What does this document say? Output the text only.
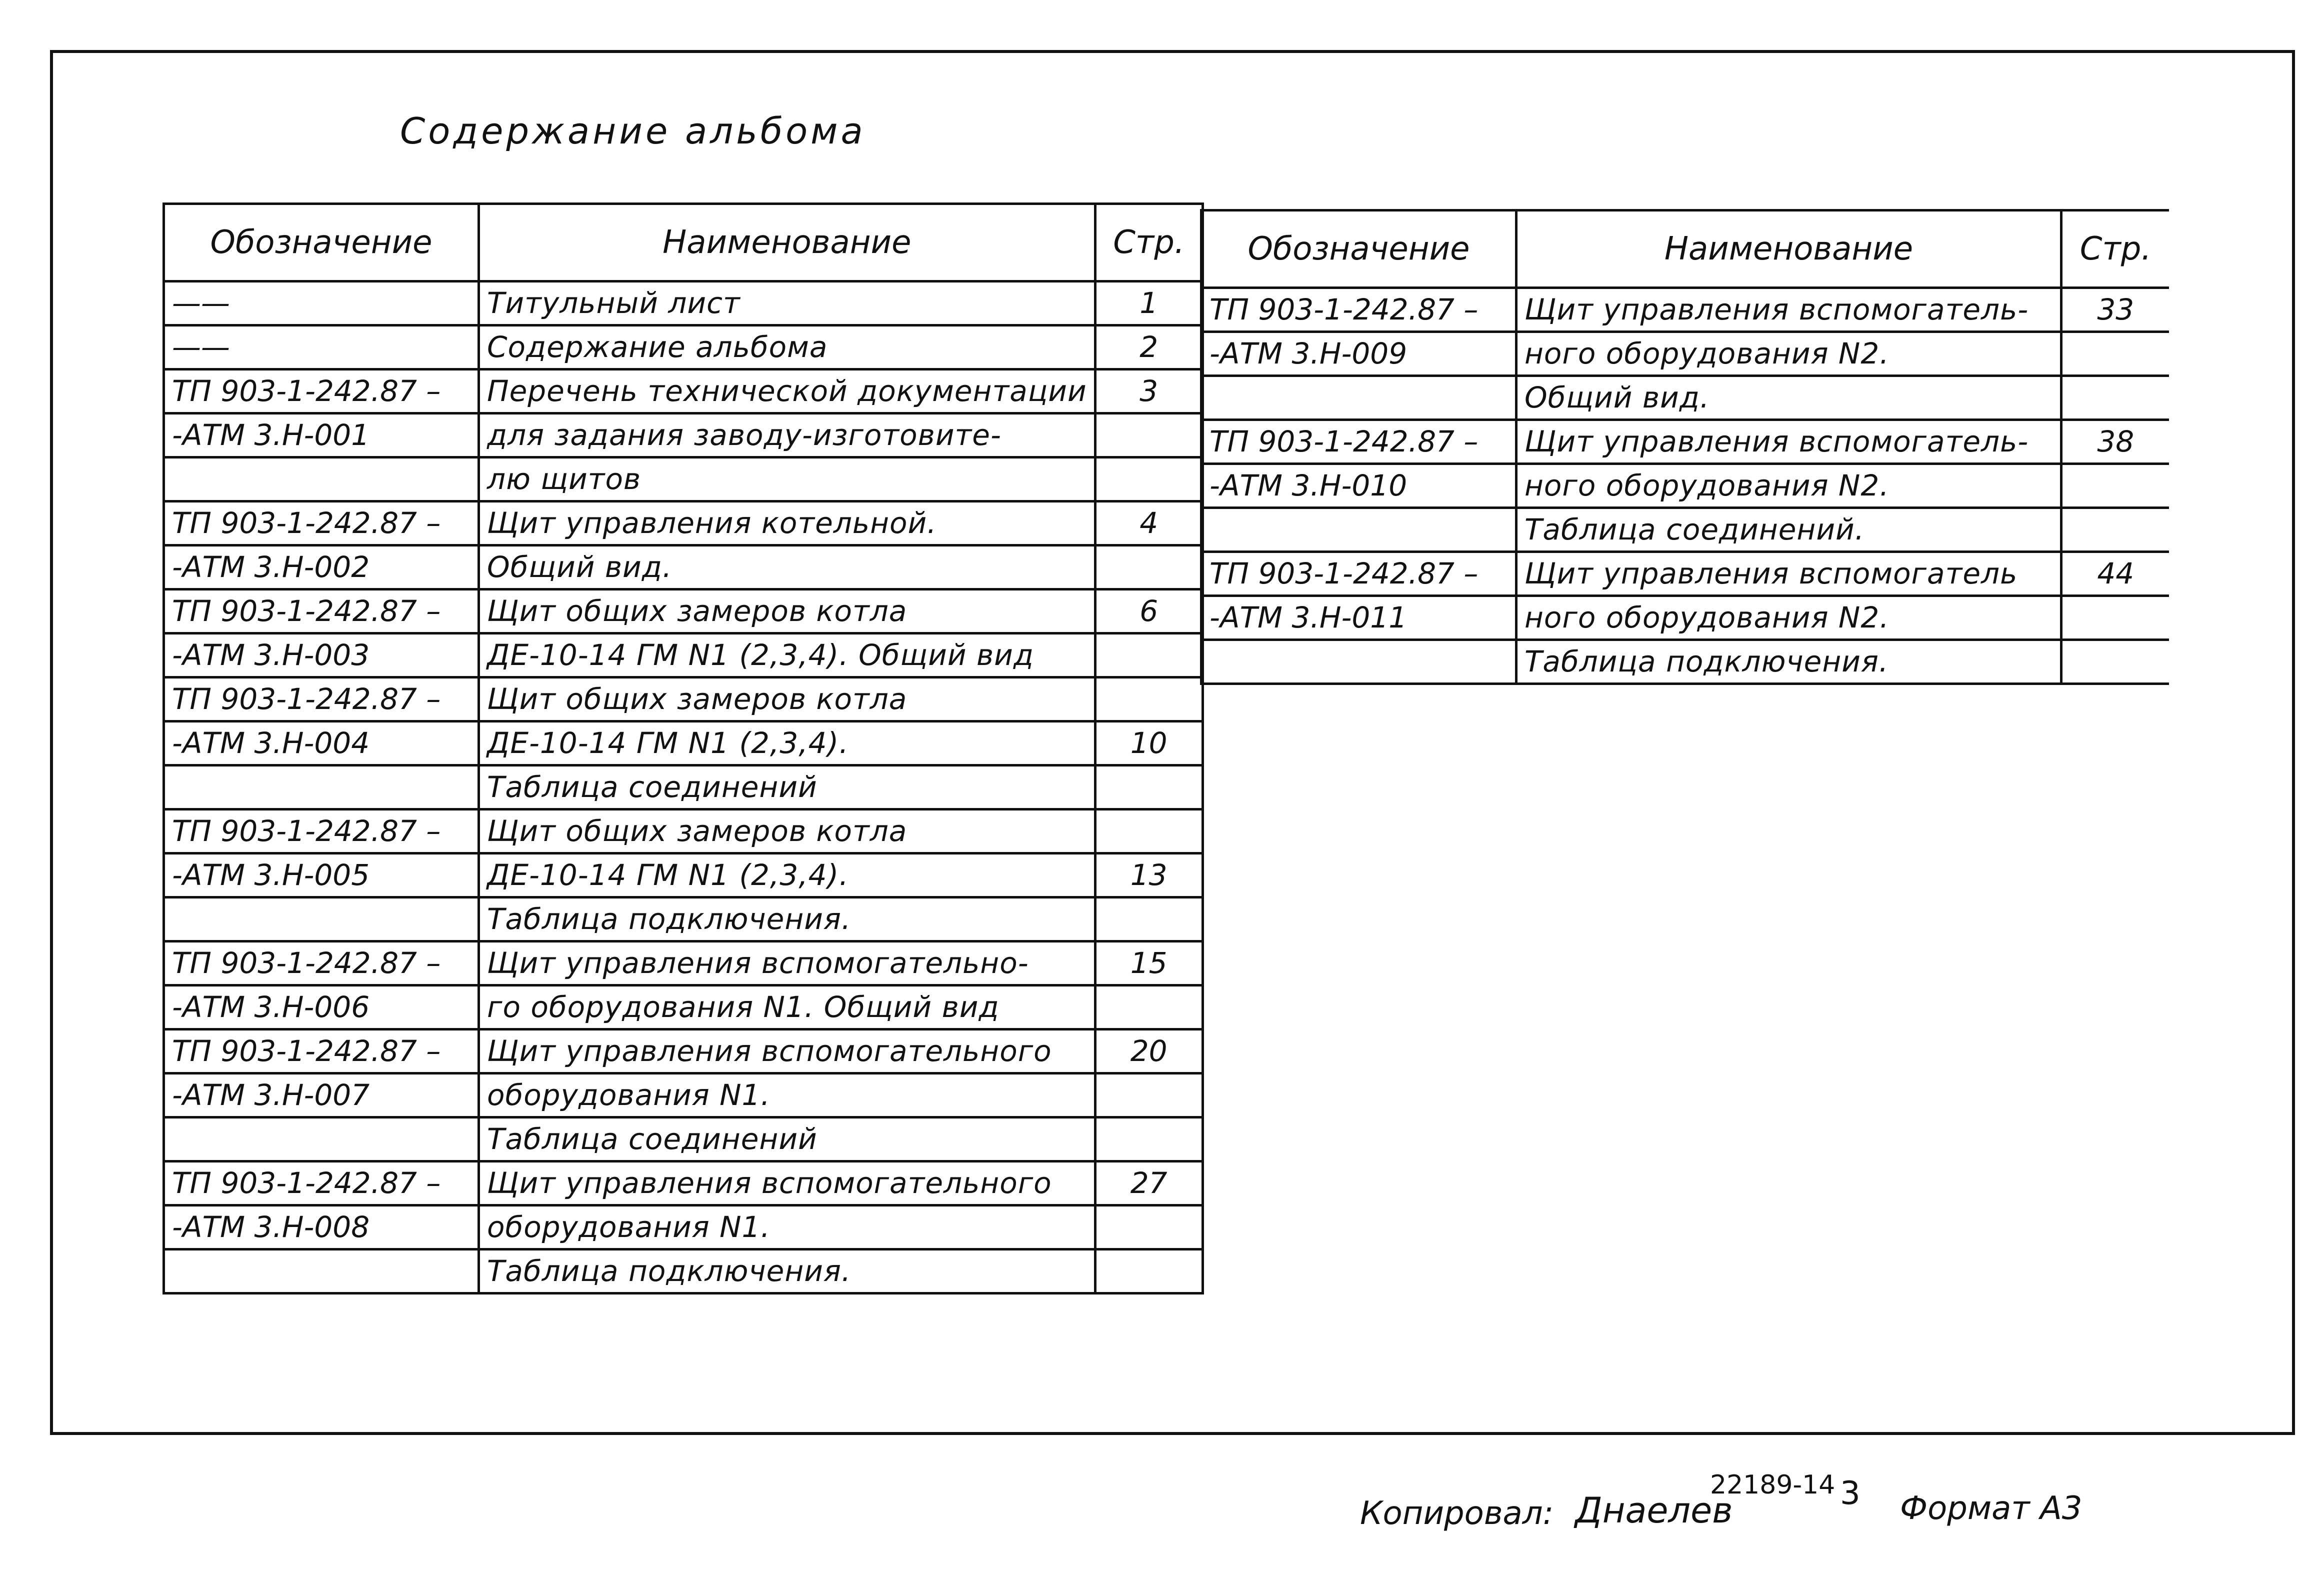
Содержание альбома
Обозначение	Наименование	Стр.
——	Титульный лист	1
——	Содержание альбома	2
ТП 903-1-242.87 –	Перечень технической документации	3
-АТМ 3.Н-001	для задания заводу-изготовите-	
	лю щитов	
ТП 903-1-242.87 –	Щит управления котельной.	4
-АТМ 3.Н-002	Общий вид.	
ТП 903-1-242.87 –	Щит общих замеров котла	6
-АТМ 3.Н-003	ДЕ-10-14 ГМ N1 (2,3,4). Общий вид	
ТП 903-1-242.87 –	Щит общих замеров котла	
-АТМ 3.Н-004	ДЕ-10-14 ГМ N1 (2,3,4).	10
	Таблица соединений	
ТП 903-1-242.87 –	Щит общих замеров котла	
-АТМ 3.Н-005	ДЕ-10-14 ГМ N1 (2,3,4).	13
	Таблица подключения.	
ТП 903-1-242.87 –	Щит управления вспомогательно-	15
-АТМ 3.Н-006	го оборудования N1. Общий вид	
ТП 903-1-242.87 –	Щит управления вспомогательного	20
-АТМ 3.Н-007	оборудования N1.	
	Таблица соединений	
ТП 903-1-242.87 –	Щит управления вспомогательного	27
-АТМ 3.Н-008	оборудования N1.	
	Таблица подключения.	
Обозначение	Наименование	Стр.
ТП 903-1-242.87 –	Щит управления вспомогатель-	33
-АТМ 3.Н-009	ного оборудования N2.	
	Общий вид.	
ТП 903-1-242.87 –	Щит управления вспомогатель-	38
-АТМ 3.Н-010	ного оборудования N2.	
	Таблица соединений.	
ТП 903-1-242.87 –	Щит управления вспомогатель	44
-АТМ 3.Н-011	ного оборудования N2.	
	Таблица подключения.	
Копировал: Днаелев
22189-14 3 Формат А3
